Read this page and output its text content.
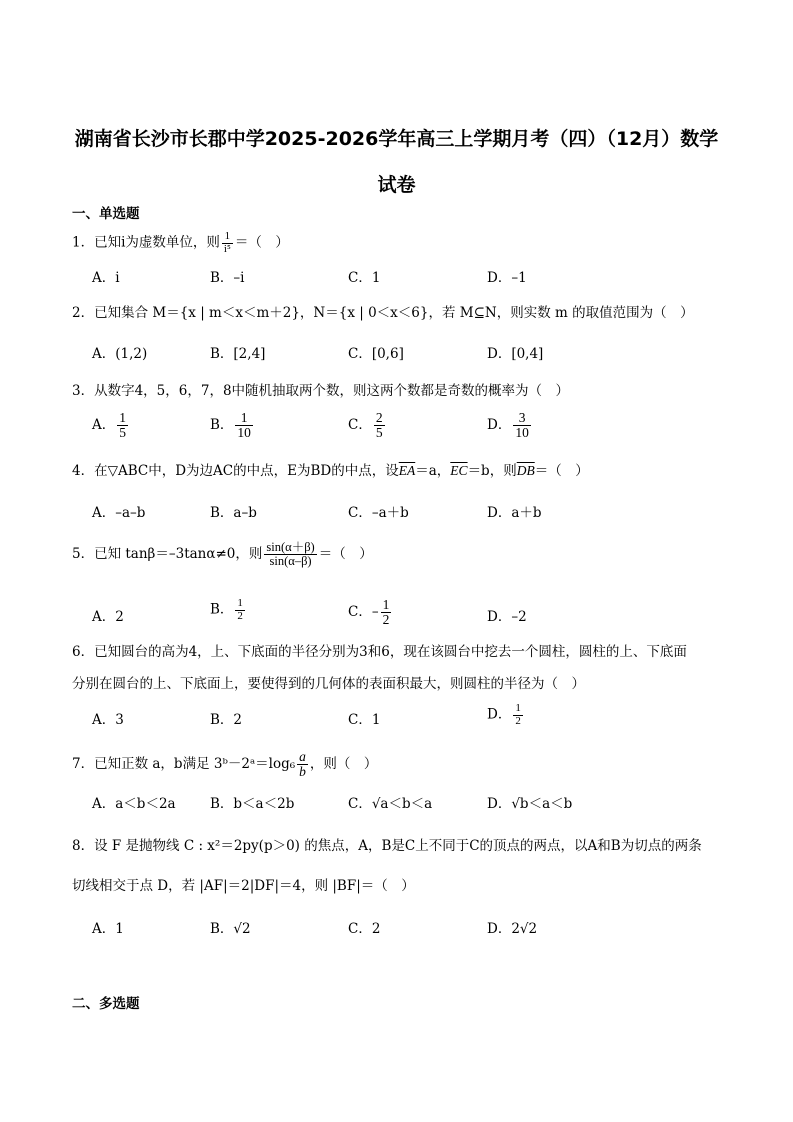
湖南省长沙市长郡中学2025-2026学年高三上学期月考（四）（12月）数学
试卷
一、单选题
1．已知i为虚数单位，则 $\frac{1}{\text{i⁵}}$ ＝（　）
A．i	B．–i	C．1	D．–1
2．已知集合 M＝{x | m＜x＜m＋2}，N＝{x | 0＜x＜6}，若 M⊆N，则实数 m 的取值范围为（　）
A．(1,2)	B．[2,4]	C．[0,6]	D．[0,4]
3．从数字4，5，6，7，8中随机抽取两个数，则这两个数都是奇数的概率为（　）
A． $\frac{1}{5}$	B． $\frac{1}{10}$	C． $\frac{2}{5}$	D． $\frac{3}{10}$
4．在▽ABC中，D为边AC的中点，E为BD的中点，设$\overline{EA}=a$，$\overline{EC}=b$，则$\overline{DB}=$（　）
A．–a–b	B．a–b	C．–a＋b	D．a＋b
5．已知 tanβ＝–3tanα≠0，则 $\frac{\sin(\alpha+\beta)}{\sin(\alpha-\beta)}$ ＝（　）
A．2	B． $\frac{1}{2}$	C．– $\frac{1}{2}$	D．–2
6．已知圆台的高为4，上、下底面的半径分别为3和6，现在该圆台中挖去一个圆柱，圆柱的上、下底面
分别在圆台的上、下底面上，要使得到的几何体的表面积最大，则圆柱的半径为（　）
A．3	B．2	C．1	D． $\frac{1}{2}$
7．已知正数 a，b满足 3ᵇ－2ᵃ＝log₆ $\frac{a}{b}$ ，则（　）
A．a＜b＜2a	B．b＜a＜2b	C．√a＜b＜a	D．√b＜a＜b
8．设 F 是抛物线 C : x²＝2py(p＞0) 的焦点，A，B是C上不同于C的顶点的两点，以A和B为切点的两条
切线相交于点 D，若 |AF|＝2|DF|＝4，则 |BF|＝（　）
A．1	B．√2	C．2	D．2√2
二、多选题
